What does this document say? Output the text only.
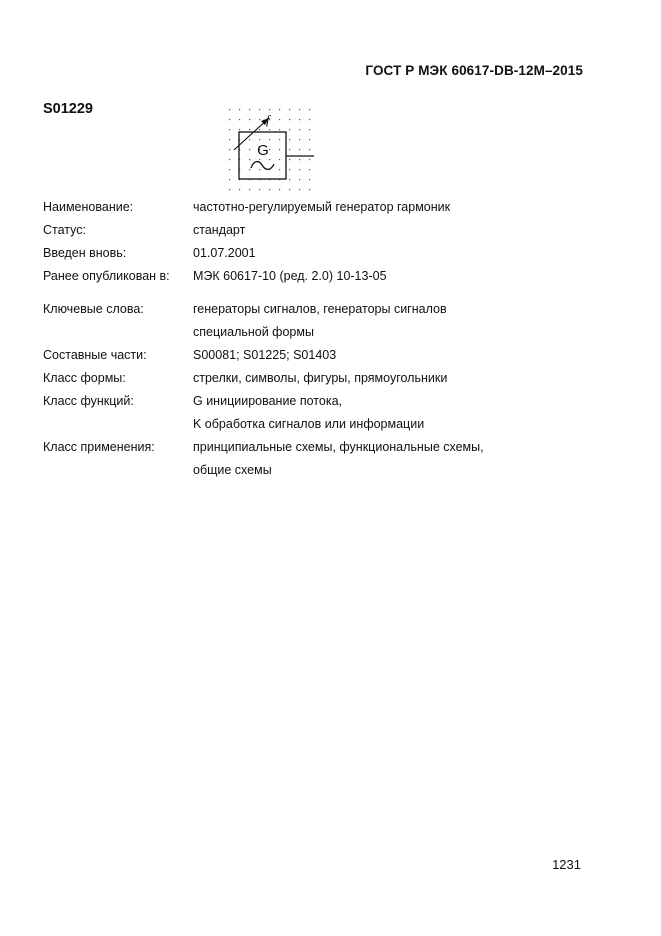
ГОСТ Р МЭК 60617-DB-12M–2015
S01229
G
f
Наименование:	частотно-регулируемый генератор гармоник
Статус:	стандарт
Введен вновь:	01.07.2001
Ранее опубликован в:	МЭК 60617-10 (ред. 2.0) 10-13-05
Ключевые слова:	генераторы сигналов, генераторы сигналов
специальной формы
Составные части:	S00081; S01225; S01403
Класс формы:	стрелки, символы, фигуры, прямоугольники
Класс функций:	G инициирование потока,
K обработка сигналов или информации
Класс применения:	принципиальные схемы, функциональные схемы,
общие схемы
1231
